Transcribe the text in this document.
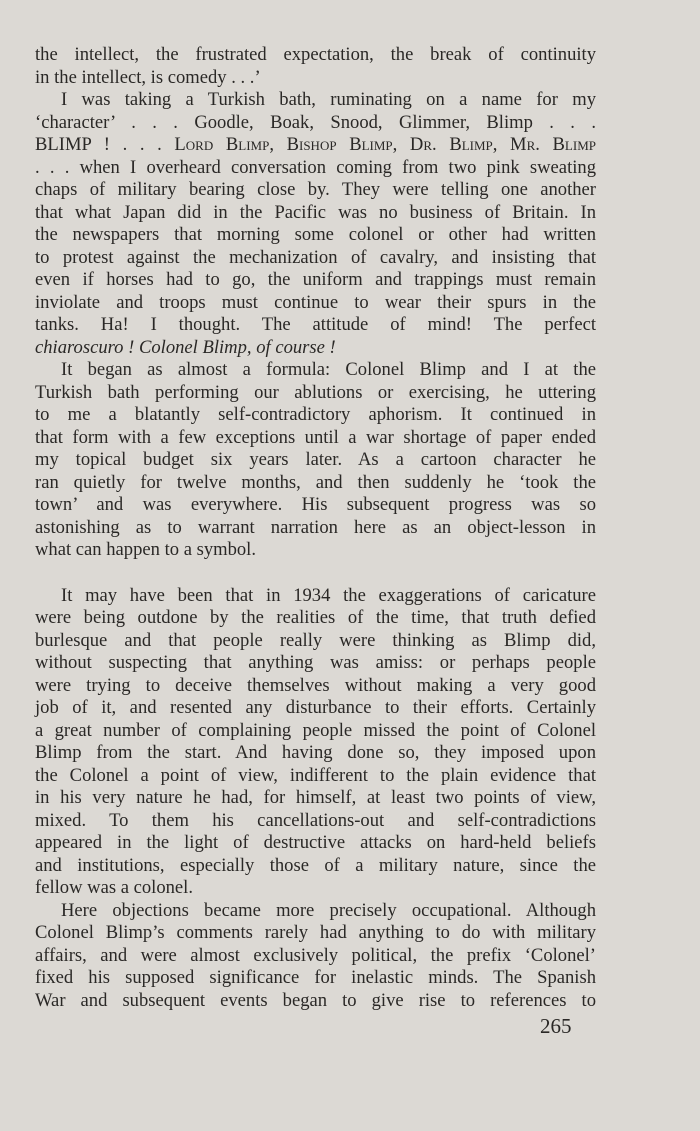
the intellect, the frustrated expectation, the break of continuity
in the intellect, is comedy . . .’
I was taking a Turkish bath, ruminating on a name for my
‘character’ . . . Goodle, Boak, Snood, Glimmer, Blimp . . .
BLIMP ! . . . Lord Blimp, Bishop Blimp, Dr. Blimp, Mr. Blimp
. . . when I overheard conversation coming from two pink sweating
chaps of military bearing close by. They were telling one another
that what Japan did in the Pacific was no business of Britain. In
the newspapers that morning some colonel or other had written
to protest against the mechanization of cavalry, and insisting that
even if horses had to go, the uniform and trappings must remain
inviolate and troops must continue to wear their spurs in the
tanks. Ha! I thought. The attitude of mind! The perfect
chiaroscuro ! Colonel Blimp, of course !
It began as almost a formula: Colonel Blimp and I at the
Turkish bath performing our ablutions or exercising, he uttering
to me a blatantly self-contradictory aphorism. It continued in
that form with a few exceptions until a war shortage of paper ended
my topical budget six years later. As a cartoon character he
ran quietly for twelve months, and then suddenly he ‘took the
town’ and was everywhere. His subsequent progress was so
astonishing as to warrant narration here as an object-lesson in
what can happen to a symbol.
It may have been that in 1934 the exaggerations of caricature
were being outdone by the realities of the time, that truth defied
burlesque and that people really were thinking as Blimp did,
without suspecting that anything was amiss: or perhaps people
were trying to deceive themselves without making a very good
job of it, and resented any disturbance to their efforts. Certainly
a great number of complaining people missed the point of Colonel
Blimp from the start. And having done so, they imposed upon
the Colonel a point of view, indifferent to the plain evidence that
in his very nature he had, for himself, at least two points of view,
mixed. To them his cancellations-out and self-contradictions
appeared in the light of destructive attacks on hard-held beliefs
and institutions, especially those of a military nature, since the
fellow was a colonel.
Here objections became more precisely occupational. Although
Colonel Blimp’s comments rarely had anything to do with military
affairs, and were almost exclusively political, the prefix ‘Colonel’
fixed his supposed significance for inelastic minds. The Spanish
War and subsequent events began to give rise to references to
265
